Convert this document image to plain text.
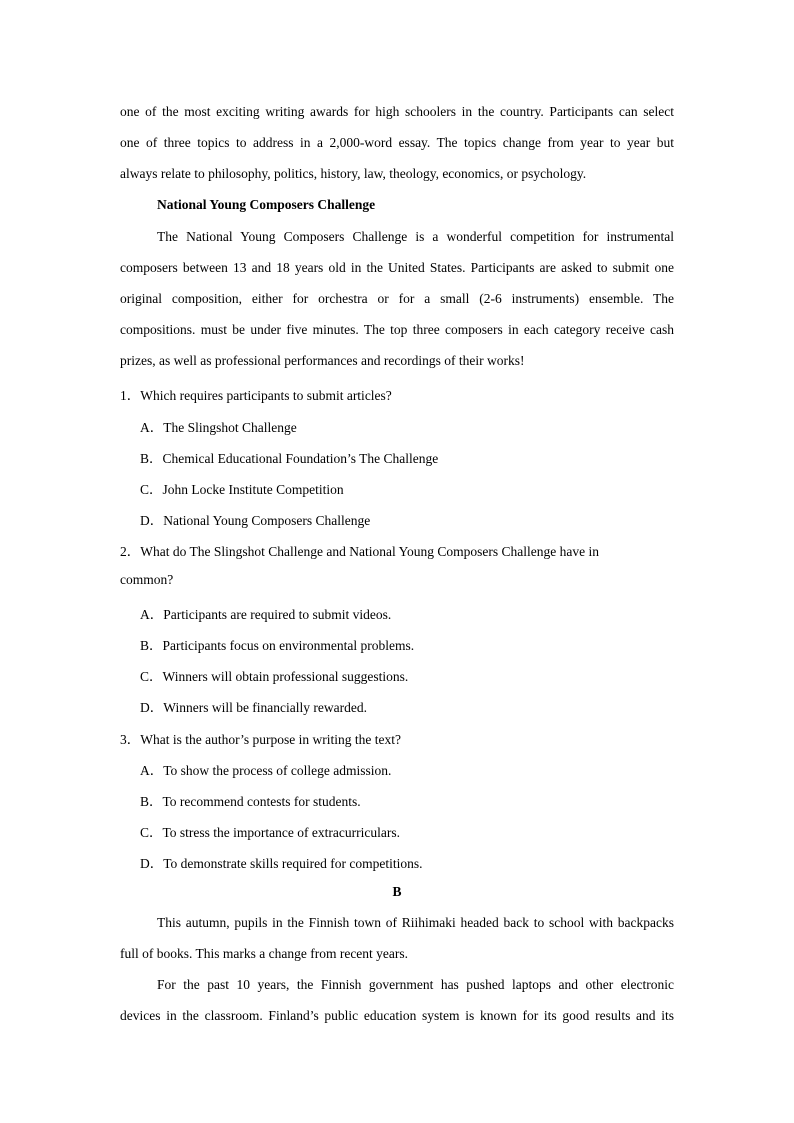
one of the most exciting writing awards for high schoolers in the country. Participants can select
one of three topics to address in a 2,000-word essay. The topics change from year to year but
always relate to philosophy, politics, history, law, theology, economics, or psychology.
National Young Composers Challenge
The National Young Composers Challenge is a wonderful competition for instrumental
composers between 13 and 18 years old in the United States. Participants are asked to submit one
original composition, either for orchestra or for a small (2-6 instruments) ensemble. The
compositions. must be under five minutes. The top three composers in each category receive cash
prizes, as well as professional performances and recordings of their works!
1．Which requires participants to submit articles?
A．The Slingshot Challenge
B．Chemical Educational Foundation’s The Challenge
C．John Locke Institute Competition
D．National Young Composers Challenge
2．What do The Slingshot Challenge and National Young Composers Challenge have in
common?
A．Participants are required to submit videos.
B．Participants focus on environmental problems.
C．Winners will obtain professional suggestions.
D．Winners will be financially rewarded.
3．What is the author’s purpose in writing the text?
A．To show the process of college admission.
B．To recommend contests for students.
C．To stress the importance of extracurriculars.
D．To demonstrate skills required for competitions.
B
This autumn, pupils in the Finnish town of Riihimaki headed back to school with backpacks
full of books. This marks a change from recent years.
For the past 10 years, the Finnish government has pushed laptops and other electronic
devices in the classroom. Finland’s public education system is known for its good results and its
